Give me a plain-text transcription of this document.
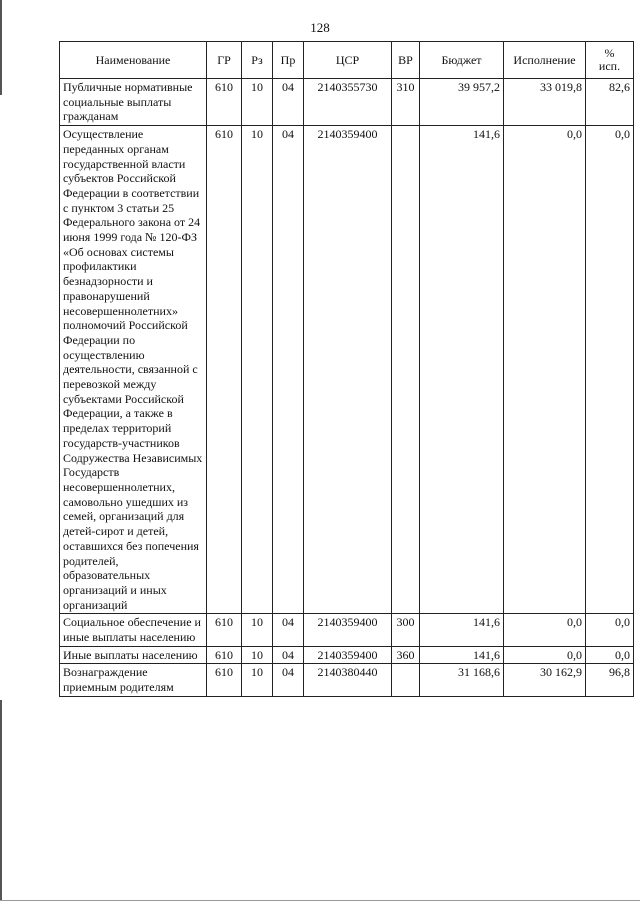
128
Наименование	ГР	Рз	Пр	ЦСР	ВР	Бюджет	Исполнение	%
исп.

Публичные нормативные социальные выплаты гражданам	610	10	04	2140355730	310	39 957,2	33 019,8	82,6
Осуществление переданных органам государственной власти субъектов Российской Федерации в соответствии с пунктом 3 статьи 25 Федерального закона от 24 июня 1999 года № 120-ФЗ «Об основах системы профилактики безнадзорности и правонарушений несовершеннолетних» полномочий Российской Федерации по осуществлению деятельности, связанной с перевозкой между субъектами Российской Федерации, а также в пределах территорий государств-участников Содружества Независимых Государств несовершеннолетних, самовольно ушедших из семей, организаций для детей-сирот и детей, оставшихся без попечения родителей, образовательных организаций и иных организаций	610	10	04	2140359400		141,6	0,0	0,0
Социальное обеспечение и иные выплаты населению	610	10	04	2140359400	300	141,6	0,0	0,0
Иные выплаты населению	610	10	04	2140359400	360	141,6	0,0	0,0
Вознаграждение приемным родителям	610	10	04	2140380440		31 168,6	30 162,9	96,8
